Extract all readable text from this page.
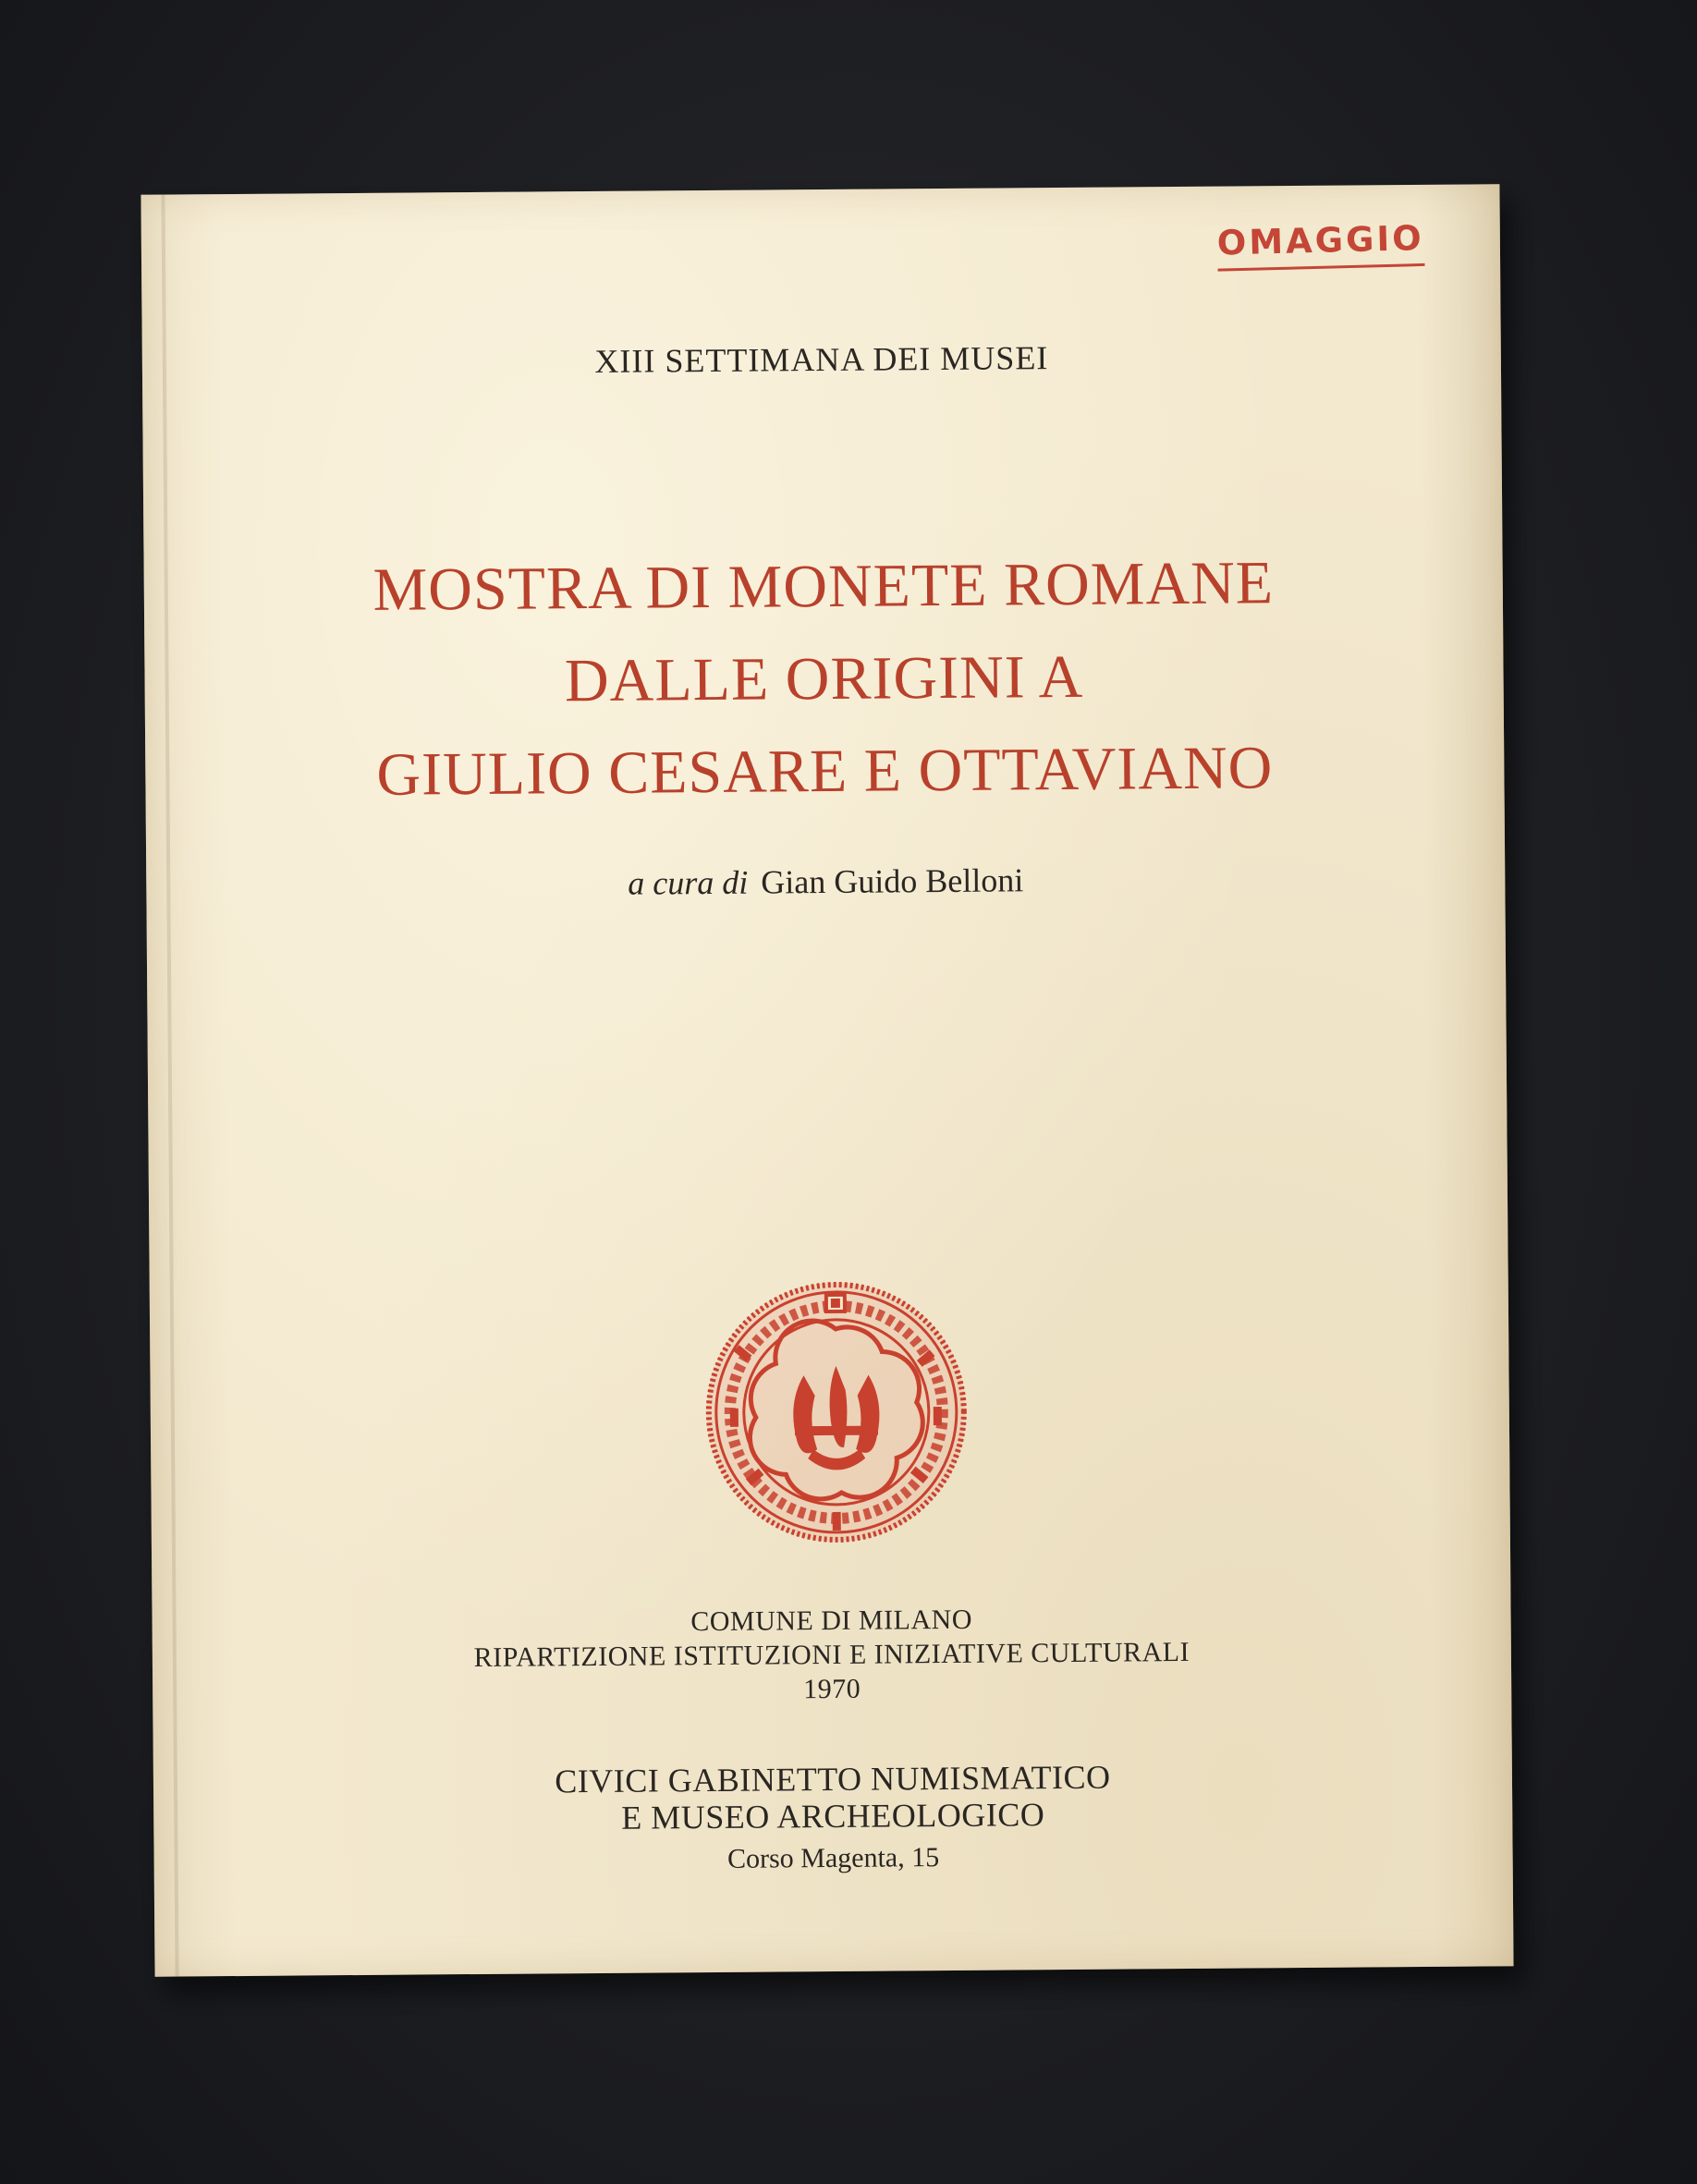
OMAGGIO
XIII SETTIMANA DEI MUSEI
MOSTRA DI MONETE ROMANE
DALLE ORIGINI A
GIULIO CESARE E OTTAVIANO
a cura di Gian Guido Belloni
COMUNE DI MILANO
RIPARTIZIONE ISTITUZIONI E INIZIATIVE CULTURALI
1970
CIVICI GABINETTO NUMISMATICO
E MUSEO ARCHEOLOGICO
Corso Magenta, 15
